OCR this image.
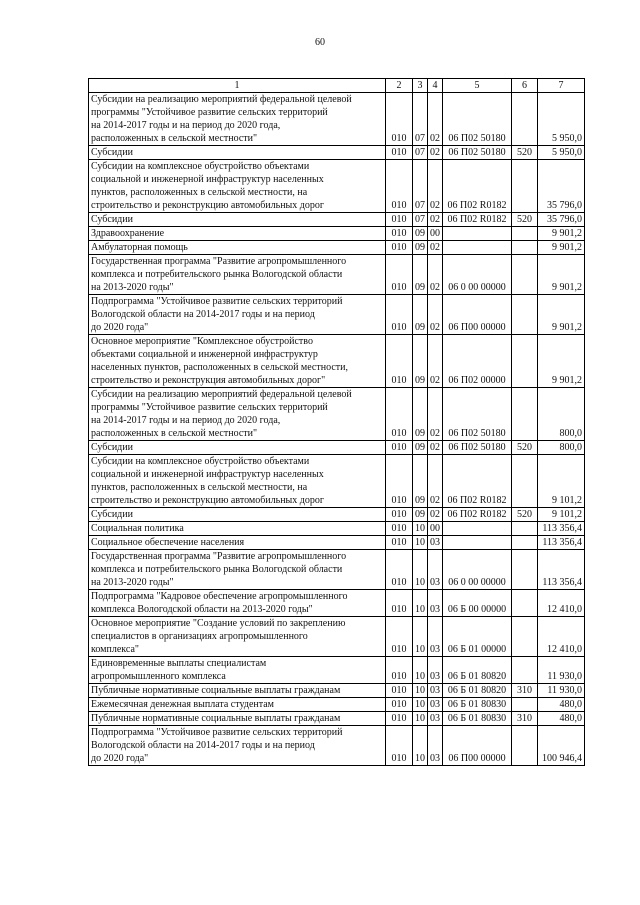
60
1	2	3	4	5	6	7
Субсидии на реализацию мероприятий федеральной целевой
программы "Устойчивое развитие сельских территорий
на 2014-2017 годы и на период до 2020 года,
расположенных в сельской местности"	010	07	02	06 П02 50180		5 950,0
Субсидии	010	07	02	06 П02 50180	520	5 950,0
Субсидии на комплексное обустройство объектами
социальной и инженерной инфраструктур населенных
пунктов, расположенных в сельской местности, на
строительство и реконструкцию автомобильных дорог	010	07	02	06 П02 R0182		35 796,0
Субсидии	010	07	02	06 П02 R0182	520	35 796,0
Здравоохранение	010	09	00			9 901,2
Амбулаторная помощь	010	09	02			9 901,2
Государственная программа "Развитие агропромышленного
комплекса и потребительского рынка Вологодской области
на 2013-2020 годы"	010	09	02	06 0 00 00000		9 901,2
Подпрограмма "Устойчивое развитие сельских территорий
Вологодской области на 2014-2017 годы и на период
до 2020 года"	010	09	02	06 П00 00000		9 901,2
Основное мероприятие "Комплексное обустройство
объектами социальной и инженерной инфраструктур
населенных пунктов, расположенных в сельской местности,
строительство и реконструкция автомобильных дорог"	010	09	02	06 П02 00000		9 901,2
Субсидии на реализацию мероприятий федеральной целевой
программы "Устойчивое развитие сельских территорий
на 2014-2017 годы и на период до 2020 года,
расположенных в сельской местности"	010	09	02	06 П02 50180		800,0
Субсидии	010	09	02	06 П02 50180	520	800,0
Субсидии на комплексное обустройство объектами
социальной и инженерной инфраструктур населенных
пунктов, расположенных в сельской местности, на
строительство и реконструкцию автомобильных дорог	010	09	02	06 П02 R0182		9 101,2
Субсидии	010	09	02	06 П02 R0182	520	9 101,2
Социальная политика	010	10	00			113 356,4
Социальное обеспечение населения	010	10	03			113 356,4
Государственная программа "Развитие агропромышленного
комплекса и потребительского рынка Вологодской области
на 2013-2020 годы"	010	10	03	06 0 00 00000		113 356,4
Подпрограмма "Кадровое обеспечение агропромышленного
комплекса Вологодской области на 2013-2020 годы"	010	10	03	06 Б 00 00000		12 410,0
Основное мероприятие "Создание условий по закреплению
специалистов в организациях агропромышленного
комплекса"	010	10	03	06 Б 01 00000		12 410,0
Единовременные выплаты специалистам
агропромышленного комплекса	010	10	03	06 Б 01 80820		11 930,0
Публичные нормативные социальные выплаты гражданам	010	10	03	06 Б 01 80820	310	11 930,0
Ежемесячная денежная выплата студентам	010	10	03	06 Б 01 80830		480,0
Публичные нормативные социальные выплаты гражданам	010	10	03	06 Б 01 80830	310	480,0
Подпрограмма "Устойчивое развитие сельских территорий
Вологодской области на 2014-2017 годы и на период
до 2020 года"	010	10	03	06 П00 00000		100 946,4
